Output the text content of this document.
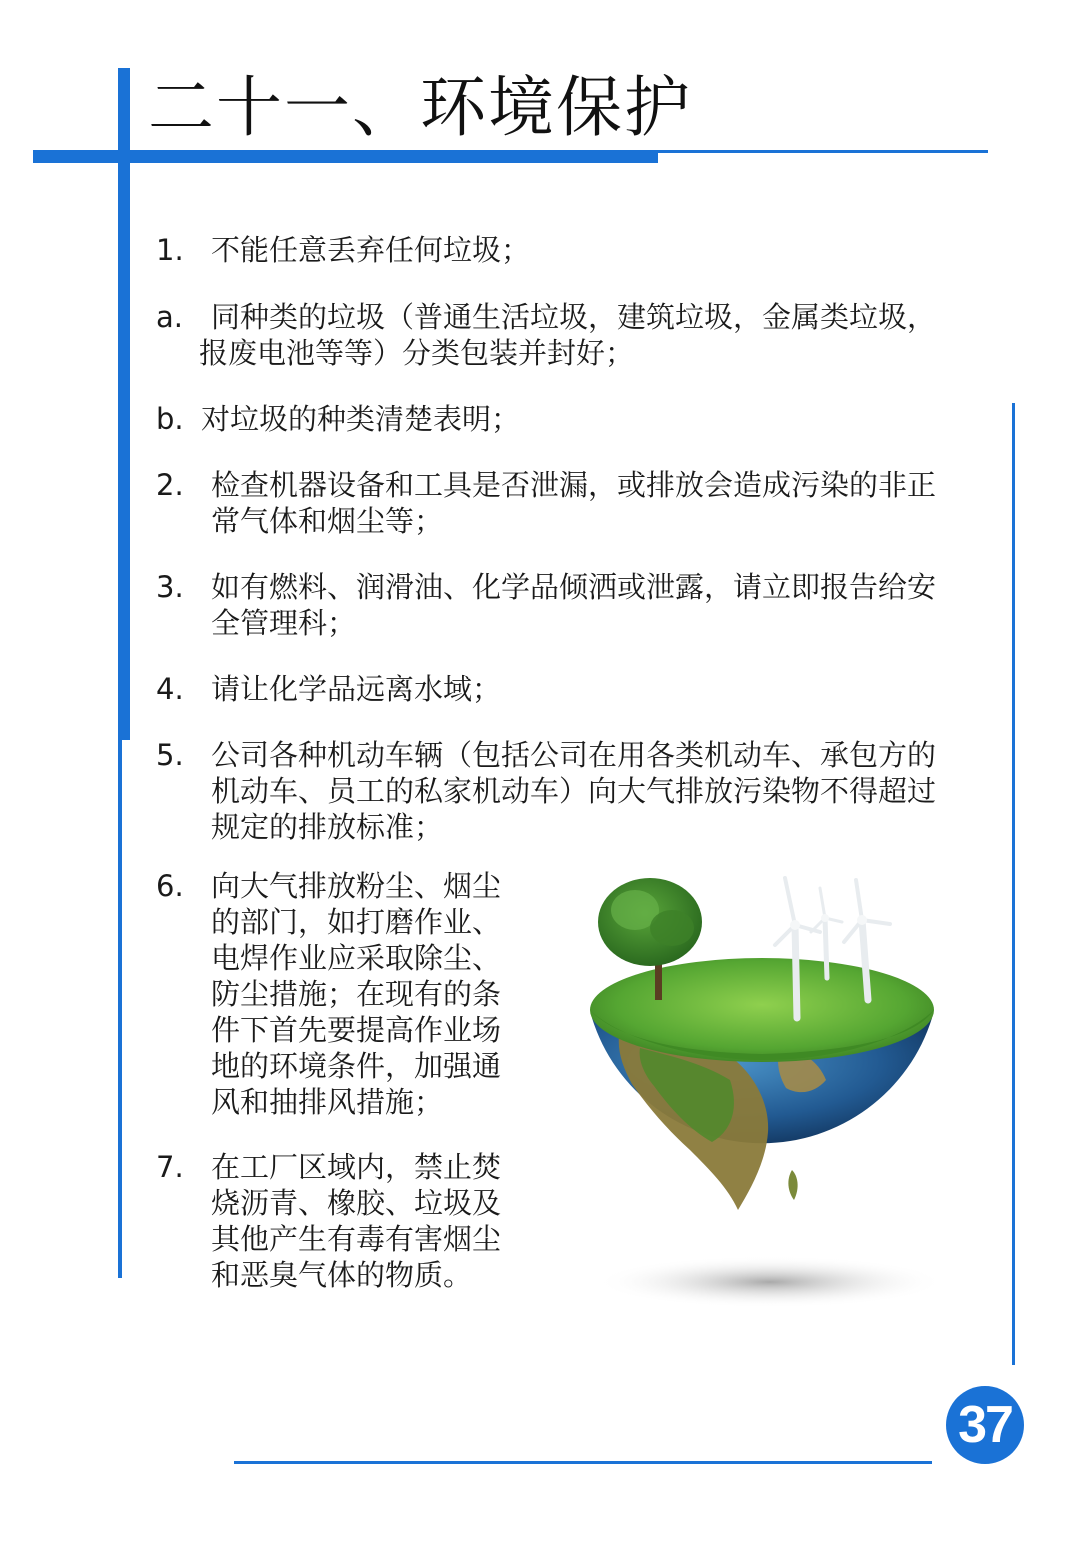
二十一、环境保护
1. 不能任意丢弃任何垃圾；
a. 同种类的垃圾（普通生活垃圾，建筑垃圾，金属类垃圾，报废电池等等）分类包装并封好；
b. 对垃圾的种类清楚表明；
2. 检查机器设备和工具是否泄漏，或排放会造成污染的非正常气体和烟尘等；
3. 如有燃料、润滑油、化学品倾洒或泄露，请立即报告给安全管理科；
4. 请让化学品远离水域；
5. 公司各种机动车辆（包括公司在用各类机动车、承包方的机动车、员工的私家机动车）向大气排放污染物不得超过规定的排放标准；
6. 向大气排放粉尘、烟尘的部门，如打磨作业、电焊作业应采取除尘、防尘措施；在现有的条件下首先要提高作业场地的环境条件，加强通风和抽排风措施；
7. 在工厂区域内，禁止焚烧沥青、橡胶、垃圾及其他产生有毒有害烟尘和恶臭气体的物质。
37
